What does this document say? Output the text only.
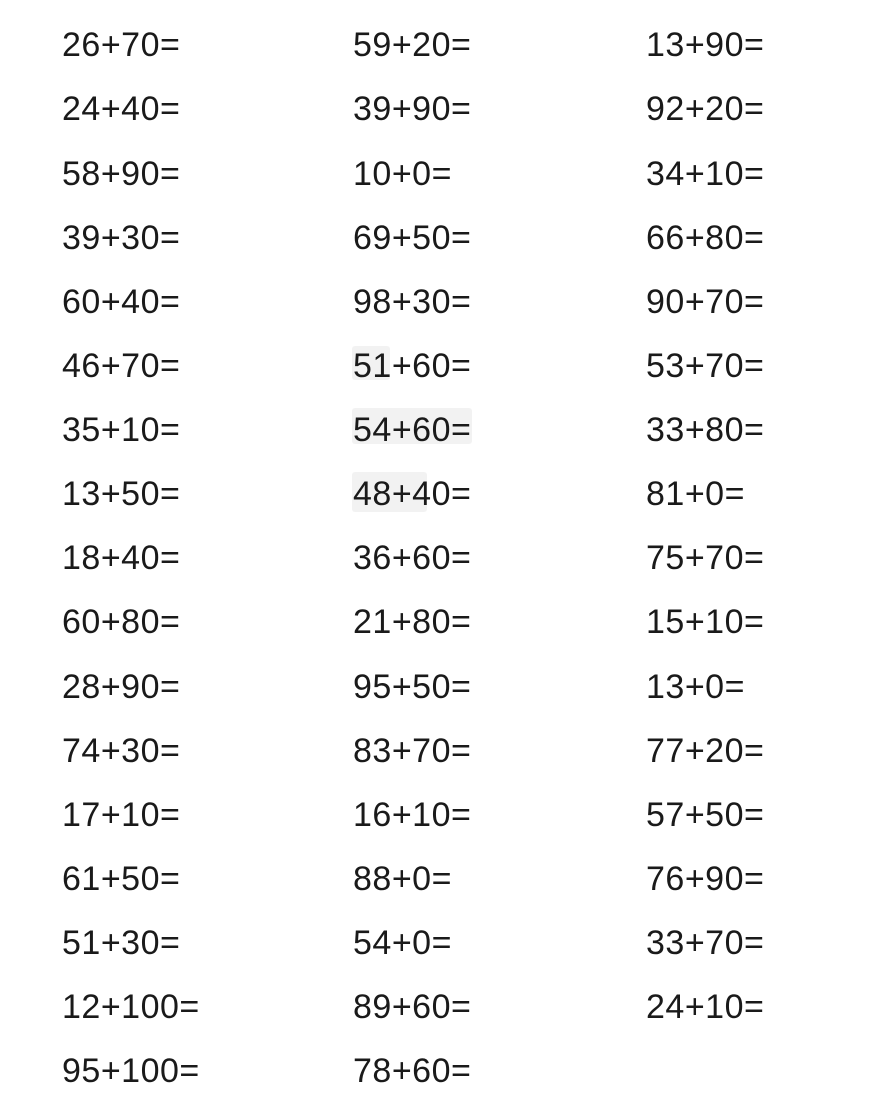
26+70=	59+20=	13+90=
24+40=	39+90=	92+20=
58+90=	10+0=	34+10=
39+30=	69+50=	66+80=
60+40=	98+30=	90+70=
46+70=	51+60=	53+70=
35+10=	54+60=	33+80=
13+50=	48+40=	81+0=
18+40=	36+60=	75+70=
60+80=	21+80=	15+10=
28+90=	95+50=	13+0=
74+30=	83+70=	77+20=
17+10=	16+10=	57+50=
61+50=	88+0=	76+90=
51+30=	54+0=	33+70=
12+100=	89+60=	24+10=
95+100=	78+60=
